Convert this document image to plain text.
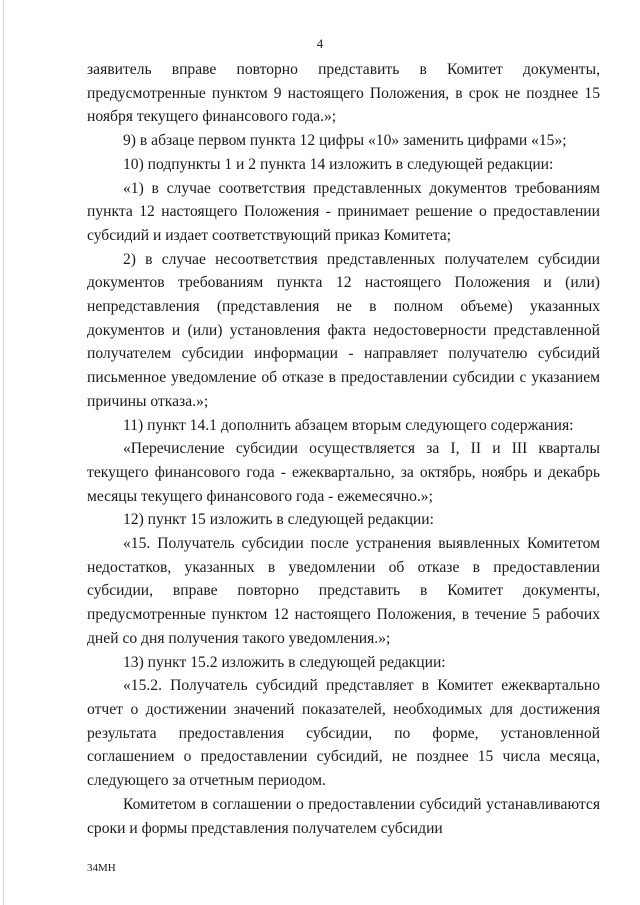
4

заявитель вправе повторно представить в Комитет документы, предусмотренные пунктом 9 настоящего Положения, в срок не позднее 15 ноября текущего финансового года.»;

9) в абзаце первом пункта 12 цифры «10» заменить цифрами «15»;

10) подпункты 1 и 2 пункта 14 изложить в следующей редакции:

«1) в случае соответствия представленных документов требованиям пункта 12 настоящего Положения - принимает решение о предоставлении субсидий и издает соответствующий приказ Комитета;

2) в случае несоответствия представленных получателем субсидии документов требованиям пункта 12 настоящего Положения и (или) непредставления (представления не в полном объеме) указанных документов и (или) установления факта недостоверности представленной получателем субсидии информации - направляет получателю субсидий письменное уведомление об отказе в предоставлении субсидии с указанием причины отказа.»;

11) пункт 14.1 дополнить абзацем вторым следующего содержания:

«Перечисление субсидии осуществляется за I, II и III кварталы текущего финансового года - ежеквартально, за октябрь, ноябрь и декабрь месяцы текущего финансового года - ежемесячно.»;

12) пункт 15 изложить в следующей редакции:

«15. Получатель субсидии после устранения выявленных Комитетом недостатков, указанных в уведомлении об отказе в предоставлении субсидии, вправе повторно представить в Комитет документы, предусмотренные пунктом 12 настоящего Положения, в течение 5 рабочих дней со дня получения такого уведомления.»;

13) пункт 15.2 изложить в следующей редакции:

«15.2. Получатель субсидий представляет в Комитет ежеквартально отчет о достижении значений показателей, необходимых для достижения результата предоставления субсидии, по форме, установленной соглашением о предоставлении субсидий, не позднее 15 числа месяца, следующего за отчетным периодом.

Комитетом в соглашении о предоставлении субсидий устанавливаются сроки и формы представления получателем субсидии

34МН
